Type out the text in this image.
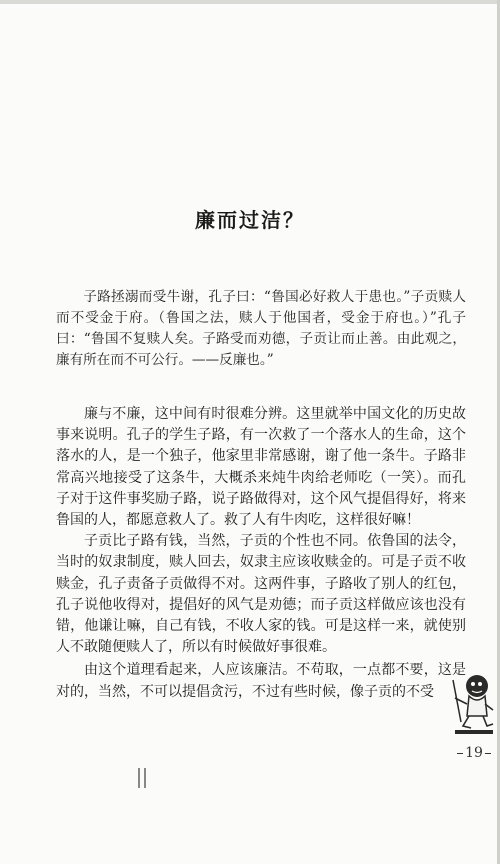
廉而过洁？

子路拯溺而受牛谢，孔子曰：“鲁国必好救人于患也。”子贡赎人而不受金于府。（鲁国之法，赎人于他国者，受金于府也。）”孔子曰：“鲁国不复赎人矣。子路受而劝德，子贡让而止善。由此观之，廉有所在而不可公行。——反廉也。”

廉与不廉，这中间有时很难分辨。这里就举中国文化的历史故事来说明。孔子的学生子路，有一次救了一个落水人的生命，这个落水的人，是一个独子，他家里非常感谢，谢了他一条牛。子路非常高兴地接受了这条牛，大概杀来炖牛肉给老师吃（一笑）。而孔子对于这件事奖励子路，说子路做得对，这个风气提倡得好，将来鲁国的人，都愿意救人了。救了人有牛肉吃，这样很好嘛！

子贡比子路有钱，当然，子贡的个性也不同。依鲁国的法令，当时的奴隶制度，赎人回去，奴隶主应该收赎金的。可是子贡不收赎金，孔子责备子贡做得不对。这两件事，子路收了别人的红包，孔子说他收得对，提倡好的风气是劝德；而子贡这样做应该也没有错，他谦让嘛，自己有钱，不收人家的钱。可是这样一来，就使别人不敢随便赎人了，所以有时候做好事很难。

由这个道理看起来，人应该廉洁。不苟取，一点都不要，这是对的，当然，不可以提倡贪污，不过有些时候，像子贡的不受

19
